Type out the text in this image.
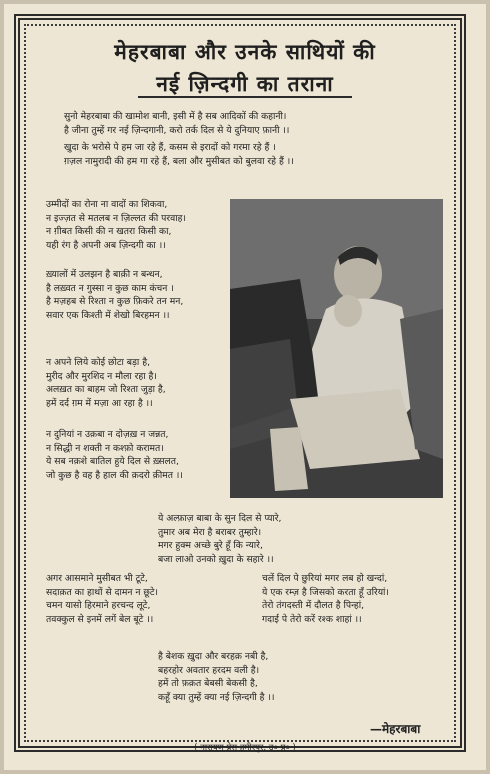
मेहरबाबा और उनके साथियों की
नई ज़िन्दगी का तराना
सुनो मेहरबाबा की खामोश बानी, इसी में है सब आदिकों की कहानी।
है जीना तुम्हें गर नई ज़िन्दगानी, करो तर्क दिल से ये दुनियाए फ़ानी ।।
खुदा के भरोसे पे हम जा रहे हैं, कसम से इरादों को गरमा रहे हैं ।
ग़ज़ल नामुरादी की हम गा रहे हैं, बला और मुसीबत को बुलवा रहे हैं ।।
उम्मीदों का रोना ना वादों का शिकवा,
न इज्ज़त से मतलब न ज़िल्लत की परवाह।
न ग़ीबत किसी की न खतरा किसी का,
यही रंग है अपनी अब ज़िन्दगी का ।।
ख़्यालों में उलझन है बाक़ी न बन्धन,
है लख़्वत न गुस्सा न कुछ काम कंचन ।
है मज़हब से रिश्ता न कुछ फ़िकरे तन मन,
सवार एक किश्ती में शेखो बिरहमन ।।
न अपने लिये कोई छोटा बड़ा है,
मुरीद और मुरशिद न मौला रहा है।
अलख़त का बाहम जो रिश्ता जुड़ा है,
हमें दर्द ग़म में मज़ा आ रहा है ।।
न दुनियां न उक़बा न दोज़ख़ न जन्नत,
न सिद्धी न शक्ती न कश्फ़ो करामत।
ये सब नक़शे बातिल हुये दिल से ख़्सलत,
जो कुछ है वह है हाल की क़दरो क़ीमत ।।
ये अल्फ़ाज़ बाबा के सुन दिल से प्यारे,
तुमार अब मेरा है बराबर तुम्हारे।
मगर हुक्म अच्छे बुरे हूँ कि न्यारे,
बजा लाओ उनको ख़ुदा के सहारे ।।
अगर आसमाने मुसीबत भी टूटे,
सदाक़त का हाथों से दामन न छूटे।
चमन यासो हिरमाने हरचन्द लूटे,
तवक्कुल से इनमें लगें बेल बूटे ।।
चलें दिल पे छुरियां मगर लब हो खन्दां,
ये एक रम्ज़ है जिसको करता हूँ उरियां।
तेरो तंगदस्ती में दौलत है पिन्हां,
गदाई पे तेरो करें रश्क शाहां ।।
है बेशक ख़ुदा और बरहक़ नबी है,
बहरहोर अवतार हरदम वली है।
हमें तो फ़क़त बेबसी बेकसी है,
कहूँ क्या तुम्हें क्या नई ज़िन्दगी है ।।
—मेहरबाबा
( नारायण प्रेस हमीरपुर, उ० प्र० )
